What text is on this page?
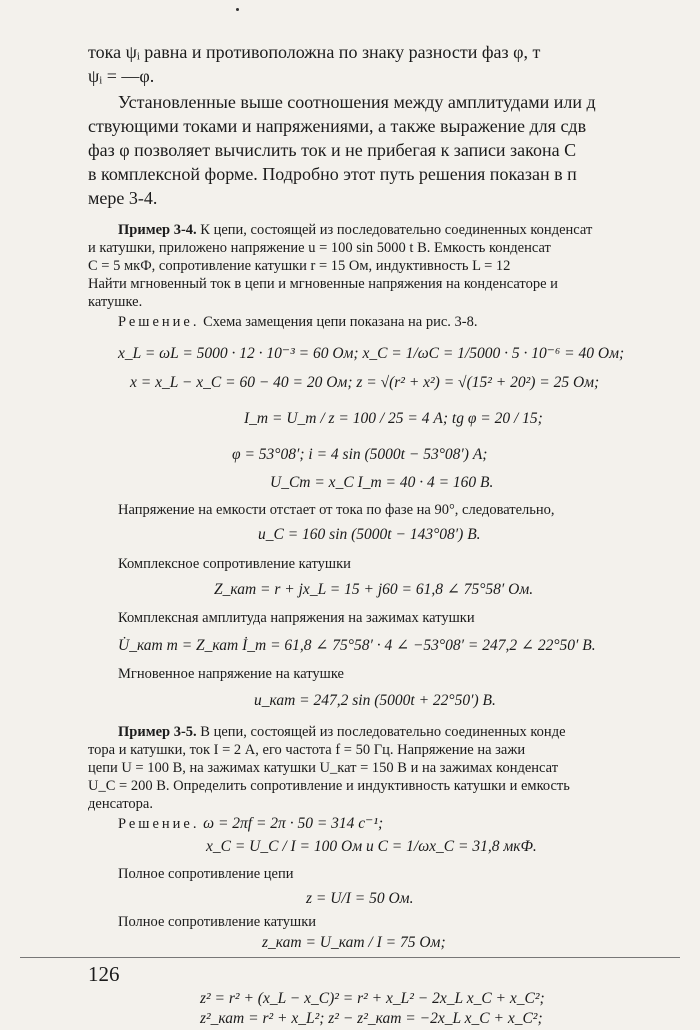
тока ψᵢ равна и противоположна по знаку разности фаз φ, т
ψᵢ = —φ.
Установленные выше соотношения между амплитудами или д
ствующими токами и напряжениями, а также выражение для сдв
фаз φ позволяет вычислить ток и не прибегая к записи закона С
в комплексной форме. Подробно этот путь решения показан в п
мере 3-4.
Пример 3-4. К цепи, состоящей из последовательно соединенных конденсат
и катушки, приложено напряжение u = 100 sin 5000 t В. Емкость конденсат
C = 5 мкФ, сопротивление катушки r = 15 Ом, индуктивность L = 12
Найти мгновенный ток в цепи и мгновенные напряжения на конденсаторе и
катушке.
Решение. Схема замещения цепи показана на рис. 3-8.
x_L = ωL = 5000 · 12 · 10⁻³ = 60 Ом; x_C = 1/ωC = 1/5000 · 5 · 10⁻⁶ = 40 Ом;
x = x_L − x_C = 60 − 40 = 20 Ом; z = √(r² + x²) = √(15² + 20²) = 25 Ом;
I_m = U_m / z = 100 / 25 = 4 А; tg φ = 20 / 15;
φ = 53°08′; i = 4 sin (5000t − 53°08′) А;
U_Cm = x_C I_m = 40 · 4 = 160 В.
Напряжение на емкости отстает от тока по фазе на 90°, следовательно,
u_C = 160 sin (5000t − 143°08′) В.
Комплексное сопротивление катушки
Z_кат = r + jx_L = 15 + j60 = 61,8 ∠ 75°58′ Ом.
Комплексная амплитуда напряжения на зажимах катушки
U̇_кат m = Z_кат İ_m = 61,8 ∠ 75°58′ · 4 ∠ −53°08′ = 247,2 ∠ 22°50′ В.
Мгновенное напряжение на катушке
u_кат = 247,2 sin (5000t + 22°50′) В.
Пример 3-5. В цепи, состоящей из последовательно соединенных конде
тора и катушки, ток I = 2 А, его частота f = 50 Гц. Напряжение на зажи
цепи U = 100 В, на зажимах катушки U_кат = 150 В и на зажимах конденсат
U_C = 200 В. Определить сопротивление и индуктивность катушки и емкость
денсатора.
Решение. ω = 2πf = 2π · 50 = 314 с⁻¹;
x_C = U_C / I = 100 Ом и C = 1/ωx_C = 31,8 мкФ.
Полное сопротивление цепи
z = U/I = 50 Ом.
Полное сопротивление катушки
z_кат = U_кат / I = 75 Ом;
z² = r² + (x_L − x_C)² = r² + x_L² − 2x_L x_C + x_C²;
z²_кат = r² + x_L²; z² − z²_кат = −2x_L x_C + x_C²;
126
